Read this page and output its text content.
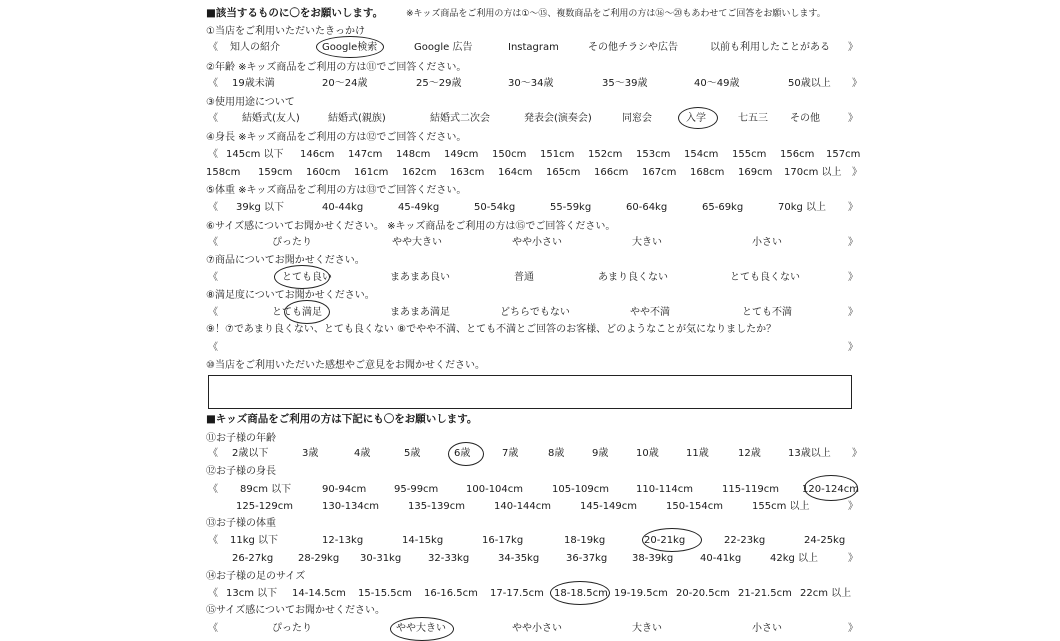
■該当するものに〇をお願いします。	※キッズ商品をご利用の方は①～⑮、複数商品をご利用の方は⑯～⑳もあわせてご回答をお願いします。
①当店をご利用いただいたきっかけ
《 知人の紹介	Google検索	Google 広告	Instagram	その他チラシや広告	以前も利用したことがある 》
②年齢 ※キッズ商品をご利用の方は⑪でご回答ください。
《 19歳未満	20～24歳	25～29歳	30～34歳	35～39歳	40～49歳	50歳以上 》
③使用用途について
《 結婚式(友人)	結婚式(親族)	結婚式二次会	発表会(演奏会)	同窓会	入学	七五三 その他	》
④身長 ※キッズ商品をご利用の方は⑫でご回答ください。
《 145cm 以下 146cm 147cm 148cm 149cm 150cm 151cm 152cm 153cm 154cm 155cm 156cm 157cm
158cm 159cm 160cm 161cm 162cm 163cm 164cm 165cm 166cm 167cm 168cm 169cm 170cm 以上 》
⑤体重 ※キッズ商品をご利用の方は⑬でご回答ください。
《 39kg 以下	40-44kg	45-49kg	50-54kg	55-59kg	60-64kg	65-69kg	70kg 以上 》
⑥サイズ感についてお聞かせください。 ※キッズ商品をご利用の方は⑮でご回答ください。
《	ぴったり	やや大きい	やや小さい	大きい	小さい	》
⑦商品についてお聞かせください。
《	とても良い	まあまあ良い	普通	あまり良くない	とても良くない	》
⑧満足度についてお聞かせください。
《	とても満足	まあまあ満足	どちらでもない	やや不満	とても不満	》
⑨！⑦であまり良くない、とても良くない ⑧でやや不満、とても不満とご回答のお客様、どのようなことが気になりましたか？
《	》
⑩当店をご利用いただいた感想やご意見をお聞かせください。
■キッズ商品をご利用の方は下記にも〇をお願いします。
⑪お子様の年齢
《 2歳以下	3歳	4歳	5歳	6歳	7歳	8歳	9歳	10歳	11歳	12歳	13歳以上 》
⑫お子様の身長
《 89cm 以下	90-94cm	95-99cm	100-104cm	105-109cm	110-114cm	115-119cm 120-124cm
125-129cm	130-134cm	135-139cm	140-144cm	145-149cm	150-154cm	155cm 以上	》
⑬お子様の体重
《 11kg 以下	12-13kg	14-15kg	16-17kg	18-19kg	20-21kg	22-23kg	24-25kg
26-27kg 28-29kg 30-31kg	32-33kg	34-35kg	36-37kg 38-39kg	40-41kg	42kg 以上	》
⑭お子様の足のサイズ
《 13cm 以下 14-14.5cm 15-15.5cm 16-16.5cm 17-17.5cm 18-18.5cm 19-19.5cm 20-20.5cm 21-21.5cm 22cm 以上
⑮サイズ感についてお聞かせください。
《	ぴったり	やや大きい	やや小さい	大きい	小さい	》
